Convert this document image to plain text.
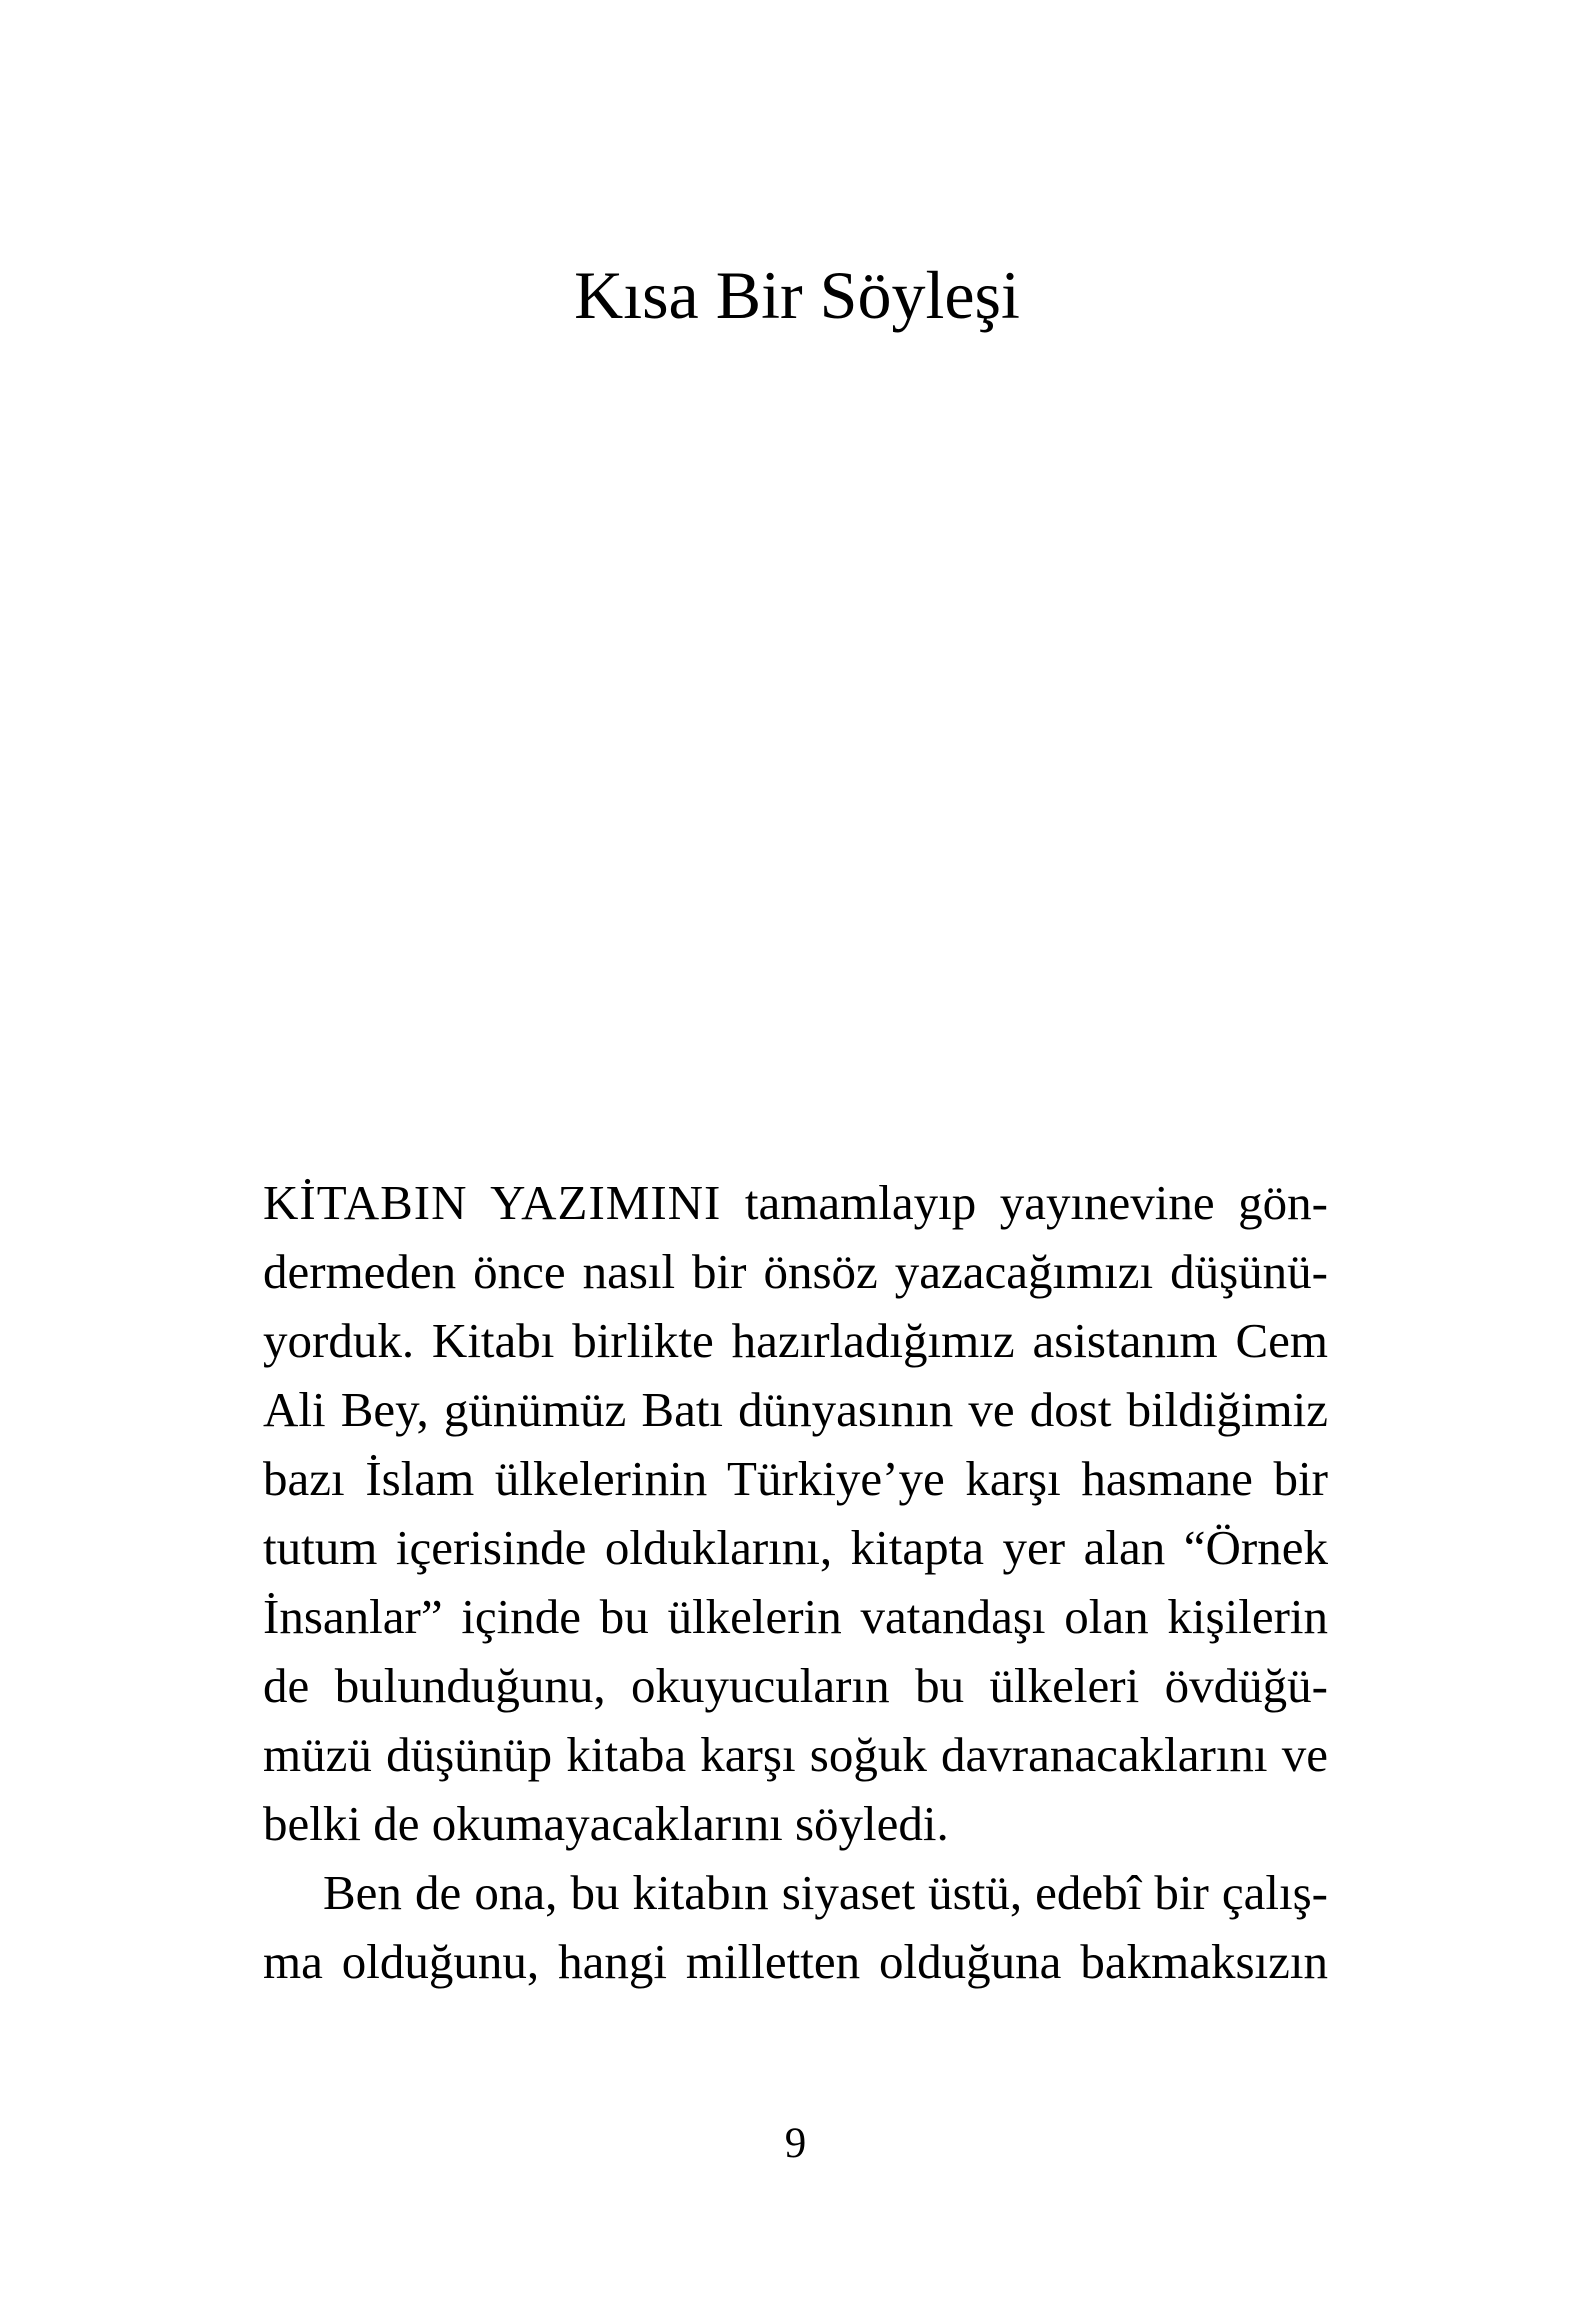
Kısa Bir Söyleşi
KİTABIN YAZIMINI tamamlayıp yayınevine gön-
dermeden önce nasıl bir önsöz yazacağımızı düşünü-
yorduk. Kitabı birlikte hazırladığımız asistanım Cem
Ali Bey, günümüz Batı dünyasının ve dost bildiğimiz
bazı İslam ülkelerinin Türkiye’ye karşı hasmane bir
tutum içerisinde olduklarını, kitapta yer alan “Örnek
İnsanlar” içinde bu ülkelerin vatandaşı olan kişilerin
de bulunduğunu, okuyucuların bu ülkeleri övdüğü-
müzü düşünüp kitaba karşı soğuk davranacaklarını ve
belki de okumayacaklarını söyledi.
Ben de ona, bu kitabın siyaset üstü, edebî bir çalış-
ma olduğunu, hangi milletten olduğuna bakmaksızın
9
